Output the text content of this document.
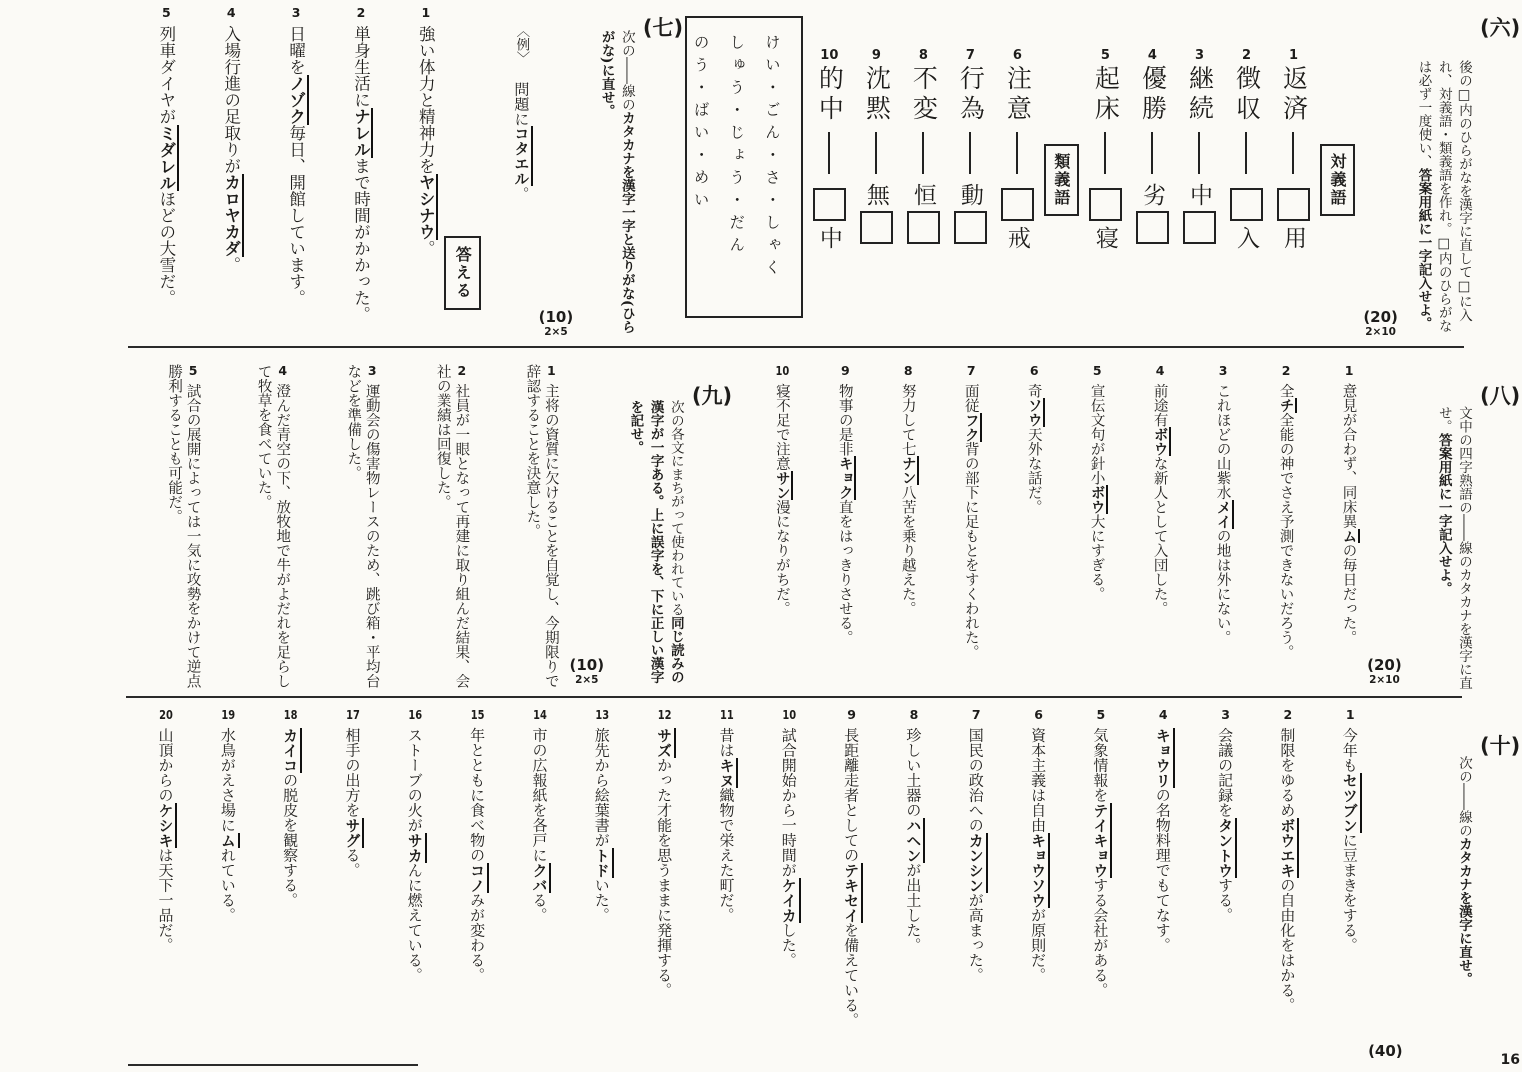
(六)
後の□内のひらがなを漢字に直して□に入れ、対義語・類義語を作れ。□内のひらがなは必ず一度使い、答案用紙に一字記入せよ。
(20)
2×10
対義語
1
返済
用
2
徴収
入
3
継続
中
4
優勝
劣
5
起床
寝
類義語
6
注意
戒
7
行為
動
8
不変
恒
9
沈黙
無
10
的中
中
けい・ごん・さ・しゃく
しゅう・じょう・だん
のう・ばい・めい
(七)
次の――線のカタカナを漢字一字と送りがな(ひらがな)に直せ。
(10)
2×5
〈例〉 問題にコタエル。
答える
1強い体力と精神力をヤシナウ。
2単身生活にナレルまで時間がかかった。
3日曜をノゾク毎日、開館しています。
4入場行進の足取りがカロヤカダ。
5列車ダイヤがミダレルほどの大雪だ。
(八)
文中の四字熟語の――線のカタカナを漢字に直せ。答案用紙に一字記入せよ。
(20)
2×10
1意見が合わず、同床異ムの毎日だった。
2全チ全能の神でさえ予測できないだろう。
3これほどの山紫水メイの地は外にない。
4前途有ボウな新人として入団した。
5宣伝文句が針小ボウ大にすぎる。
6奇ソウ天外な話だ。
7面従フク背の部下に足もとをすくわれた。
8努力して七ナン八苦を乗り越えた。
9物事の是非キョク直をはっきりさせる。
10寝不足で注意サン漫になりがちだ。
(九)
次の各文にまちがって使われている同じ読みの漢字が一字ある。上に誤字を、下に正しい漢字を記せ。
(10)
2×5
1主将の資質に欠けることを自覚し、今期限りで辞認することを決意した。
2社員が一眼となって再建に取り組んだ結果、会社の業績は回復した。
3運動会の傷害物レースのため、跳び箱・平均台などを準備した。
4澄んだ青空の下、放牧地で牛がよだれを足らして牧草を食べていた。
5試合の展開によっては一気に攻勢をかけて逆点勝利することも可能だ。
(十)
次の――線のカタカナを漢字に直せ。
(40)
1今年もセツブンに豆まきをする。
2制限をゆるめボウエキの自由化をはかる。
3会議の記録をタントウする。
4キョウリの名物料理でもてなす。
5気象情報をテイキョウする会社がある。
6資本主義は自由キョウソウが原則だ。
7国民の政治へのカンシンが高まった。
8珍しい土器のハヘンが出土した。
9長距離走者としてのテキセイを備えている。
10試合開始から一時間がケイカした。
11昔はキヌ織物で栄えた町だ。
12サズかった才能を思うままに発揮する。
13旅先から絵葉書がトドいた。
14市の広報紙を各戸にクバる。
15年とともに食べ物のコノみが変わる。
16ストーブの火がサカんに燃えている。
17相手の出方をサグる。
18カイコの脱皮を観察する。
19水鳥がえさ場にムれている。
20山頂からのケシキは天下一品だ。
16
